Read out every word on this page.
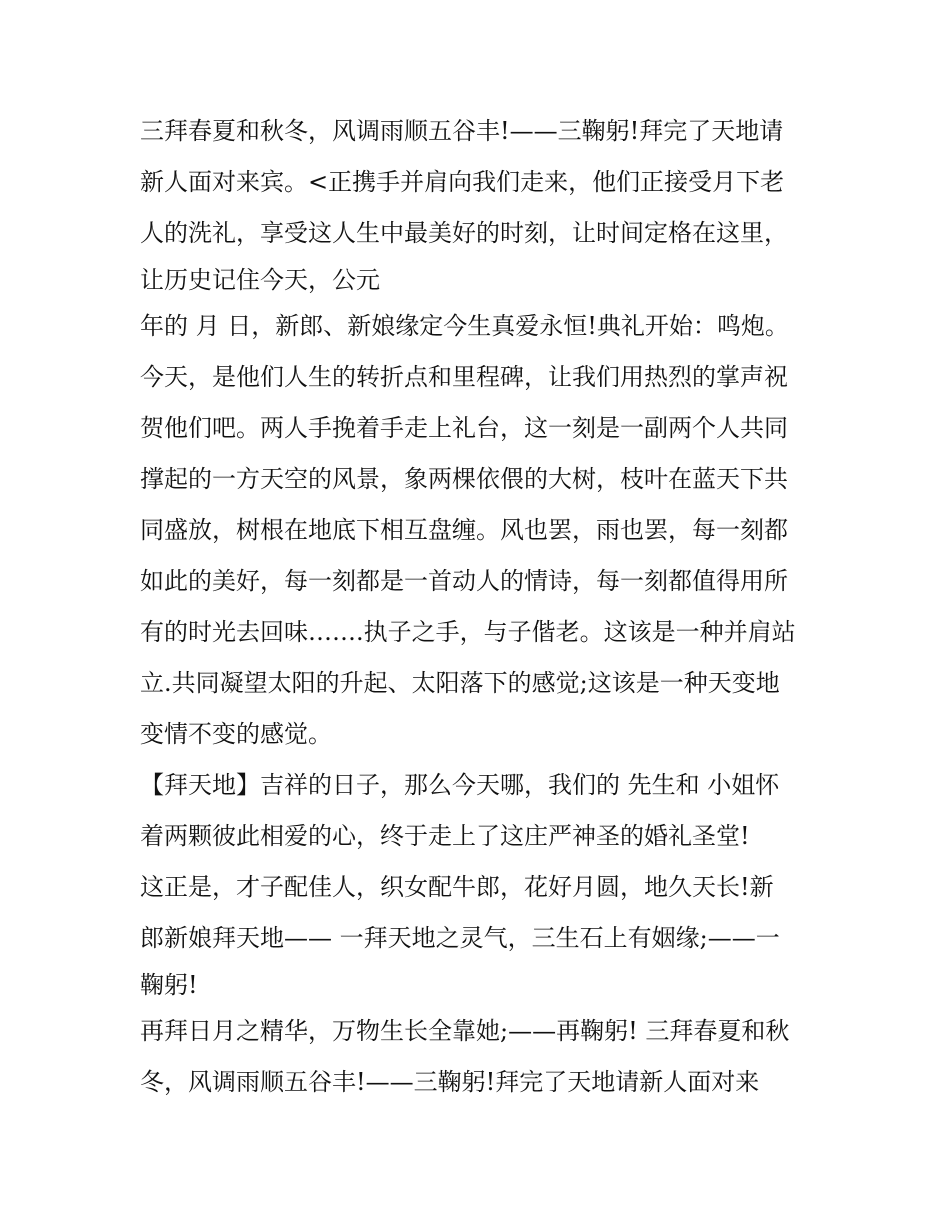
三拜春夏和秋冬，风调雨顺五谷丰!——三鞠躬!拜完了天地请
新人面对来宾。<正携手并肩向我们走来，他们正接受月下老
人的洗礼，享受这人生中最美好的时刻，让时间定格在这里，
让历史记住今天，公元
年的 月 日，新郎、新娘缘定今生真爱永恒!典礼开始：鸣炮。
今天，是他们人生的转折点和里程碑，让我们用热烈的掌声祝
贺他们吧。两人手挽着手走上礼台，这一刻是一副两个人共同
撑起的一方天空的风景，象两棵依偎的大树，枝叶在蓝天下共
同盛放，树根在地底下相互盘缠。风也罢，雨也罢，每一刻都
如此的美好，每一刻都是一首动人的情诗，每一刻都值得用所
有的时光去回味…….执子之手，与子偕老。这该是一种并肩站
立.共同凝望太阳的升起、太阳落下的感觉;这该是一种天变地
变情不变的感觉。
【拜天地】吉祥的日子，那么今天哪，我们的 先生和 小姐怀
着两颗彼此相爱的心，终于走上了这庄严神圣的婚礼圣堂!
这正是，才子配佳人，织女配牛郎，花好月圆，地久天长!新
郎新娘拜天地—— 一拜天地之灵气，三生石上有姻缘;——一
鞠躬!
再拜日月之精华，万物生长全靠她;——再鞠躬! 三拜春夏和秋
冬，风调雨顺五谷丰!——三鞠躬!拜完了天地请新人面对来
